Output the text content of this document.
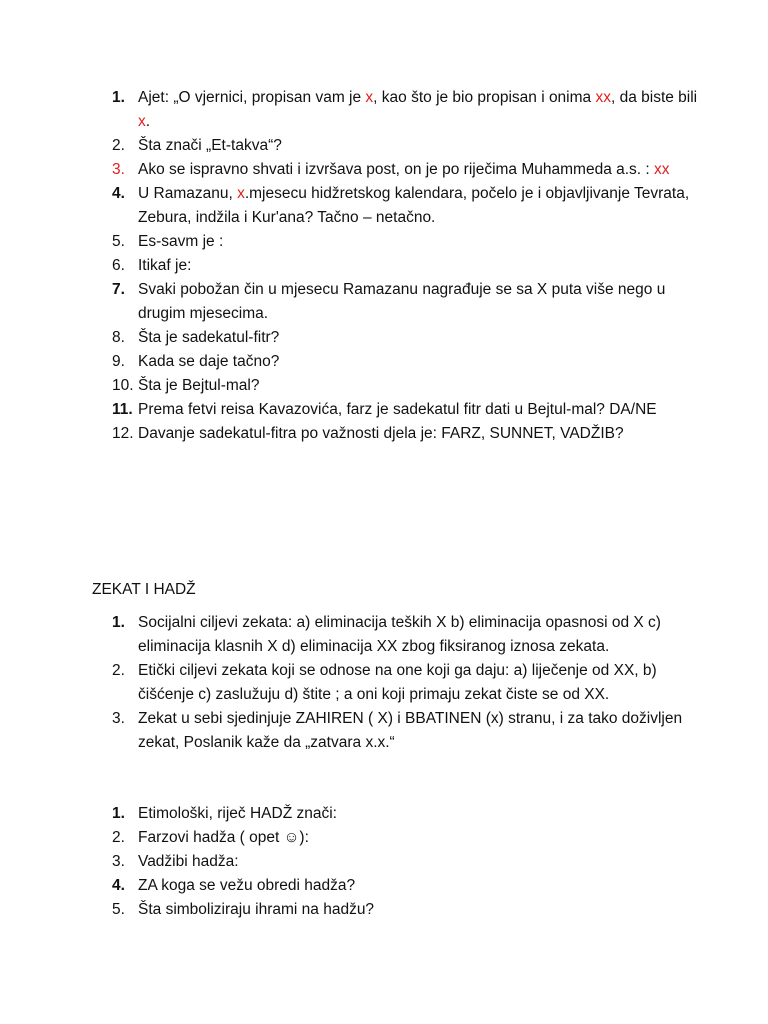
1. Ajet: „O vjernici, propisan vam je x, kao što je bio propisan i onima xx, da biste bili x.
2. Šta znači „Et-takva“?
3. Ako se ispravno shvati i izvršava post, on je po riječima Muhammeda a.s. : xx
4. U Ramazanu, x.mjesecu hidžretskog kalendara, počelo je i objavljivanje Tevrata, Zebura, indžila i Kur'ana? Tačno – netačno.
5. Es-savm je :
6. Itikaf je:
7. Svaki pobožan čin u mjesecu Ramazanu nagrađuje se sa X puta više nego u drugim mjesecima.
8. Šta je sadekatul-fitr?
9. Kada se daje tačno?
10. Šta je Bejtul-mal?
11. Prema fetvi reisa Kavazovića, farz je sadekatul fitr dati u Bejtul-mal? DA/NE
12. Davanje sadekatul-fitra po važnosti djela je: FARZ, SUNNET, VADŽIB?
ZEKAT I HADŽ
1. Socijalni ciljevi zekata: a) eliminacija teških X b) eliminacija opasnosi od X c) eliminacija klasnih X d) eliminacija XX zbog fiksiranog iznosa zekata.
2. Etički ciljevi zekata koji se odnose na one koji ga daju: a) liječenje od XX, b) čišćenje c) zaslužuju d) štite ; a oni koji primaju zekat čiste se od XX.
3. Zekat u sebi sjedinjuje ZAHIREN ( X) i BBATINEN (x) stranu, i za tako doživljen zekat, Poslanik kaže da „zatvara x.x.“
1. Etimološki, riječ HADŽ znači:
2. Farzovi hadža ( opet ☺):
3. Vadžibi hadža:
4. ZA koga se vežu obredi hadža?
5. Šta simboliziraju ihrami na hadžu?
